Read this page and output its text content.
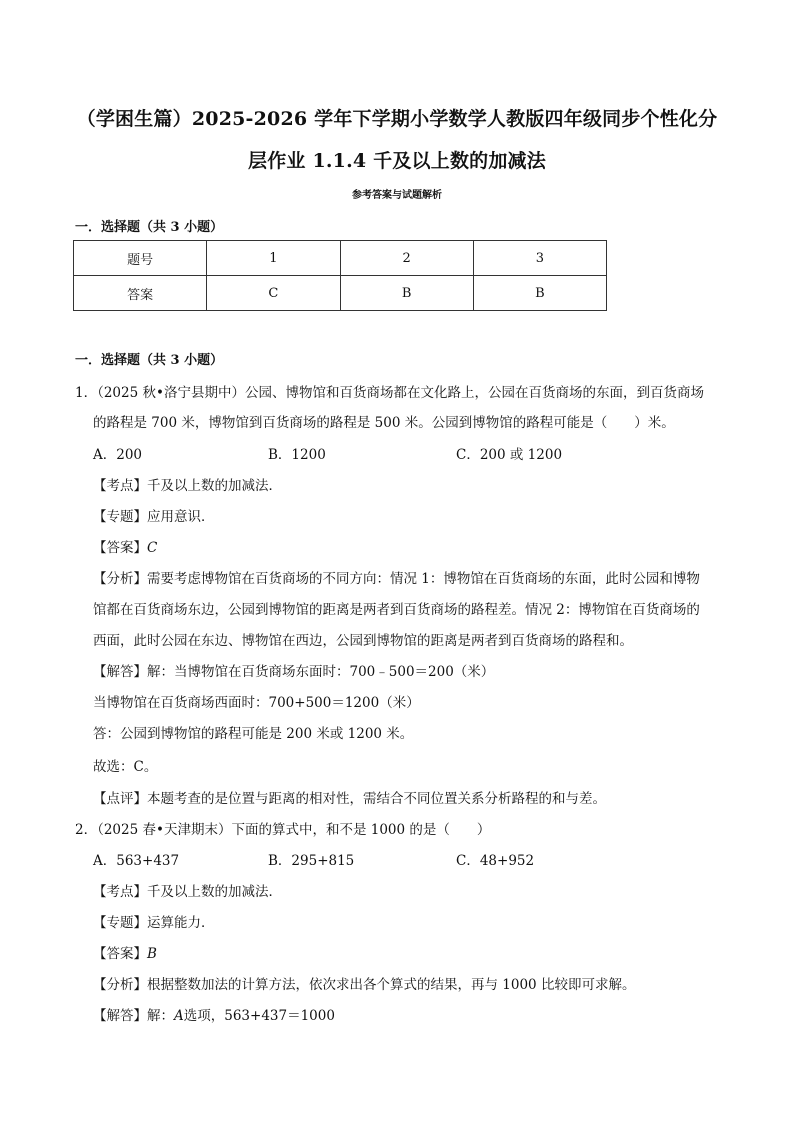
（学困生篇）2025-2026 学年下学期小学数学人教版四年级同步个性化分
层作业 1.1.4 千及以上数的加减法
参考答案与试题解析
一．选择题（共 3 小题）
题号	1	2	3
答案	C	B	B
一．选择题（共 3 小题）
1．（2025 秋•洛宁县期中）公园、博物馆和百货商场都在文化路上，公园在百货商场的东面，到百货商场
的路程是 700 米，博物馆到百货商场的路程是 500 米。公园到博物馆的路程可能是（　　）米。
A．200	B．1200	C．200 或 1200
【考点】千及以上数的加减法．
【专题】应用意识．
【答案】C
【分析】需要考虑博物馆在百货商场的不同方向：情况 1：博物馆在百货商场的东面，此时公园和博物
馆都在百货商场东边，公园到博物馆的距离是两者到百货商场的路程差。情况 2：博物馆在百货商场的
西面，此时公园在东边、博物馆在西边，公园到博物馆的距离是两者到百货商场的路程和。
【解答】解：当博物馆在百货商场东面时：700﹣500＝200（米）
当博物馆在百货商场西面时：700+500＝1200（米）
答：公园到博物馆的路程可能是 200 米或 1200 米。
故选：C。
【点评】本题考查的是位置与距离的相对性，需结合不同位置关系分析路程的和与差。
2．（2025 春•天津期末）下面的算式中，和不是 1000 的是（　　）
A．563+437	B．295+815	C．48+952
【考点】千及以上数的加减法．
【专题】运算能力．
【答案】B
【分析】根据整数加法的计算方法，依次求出各个算式的结果，再与 1000 比较即可求解。
【解答】解：A选项，563+437＝1000
